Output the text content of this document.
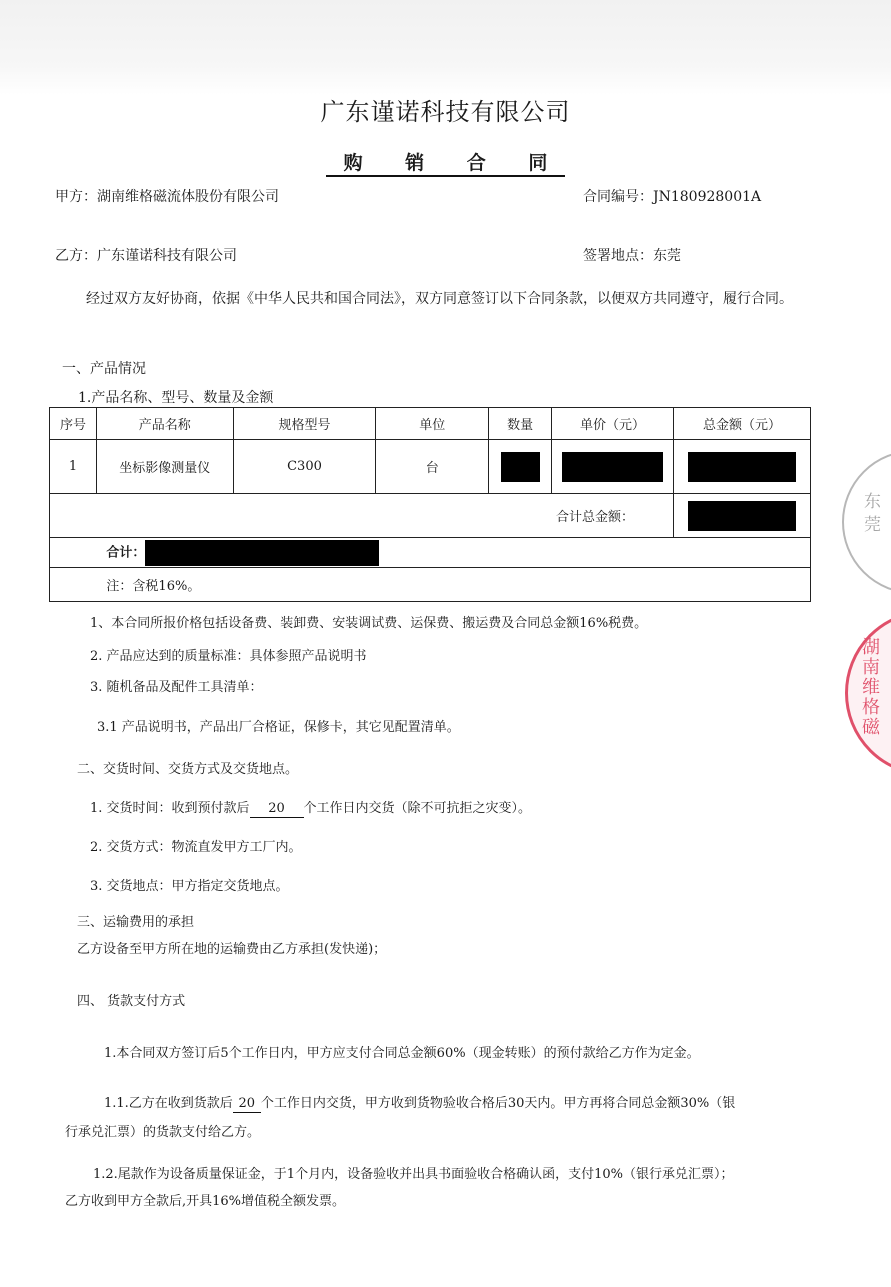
广东谨诺科技有限公司
购 销 合 同
甲方：湖南维格磁流体股份有限公司	合同编号：JN180928001A
乙方：广东谨诺科技有限公司	签署地点：东莞
经过双方友好协商，依据《中华人民共和国合同法》，双方同意签订以下合同条款，以便双方共同遵守，履行合同。
一、产品情况
1.产品名称、型号、数量及金额
序号	产品名称	规格型号	单位	数量	单价（元）	总金额（元）
1	坐标影像测量仪	C300	台			
合计总金额：						
	合计：					
	注：含税16%。					
1、本合同所报价格包括设备费、装卸费、安装调试费、运保费、搬运费及合同总金额16%税费。
2. 产品应达到的质量标准：具体参照产品说明书
3. 随机备品及配件工具清单：
3.1 产品说明书，产品出厂合格证，保修卡，其它见配置清单。
二、交货时间、交货方式及交货地点。
1. 交货时间：收到预付款后 20 个工作日内交货（除不可抗拒之灾变）。
2. 交货方式：物流直发甲方工厂内。
3. 交货地点：甲方指定交货地点。
三、运输费用的承担
乙方设备至甲方所在地的运输费由乙方承担(发快递)；
四、 货款支付方式
1.本合同双方签订后5个工作日内，甲方应支付合同总金额60%（现金转账）的预付款给乙方作为定金。
1.1.乙方在收到货款后 20 个工作日内交货，甲方收到货物验收合格后30天内。甲方再将合同总金额30%（银
行承兑汇票）的货款支付给乙方。
1.2.尾款作为设备质量保证金，于1个月内，设备验收并出具书面验收合格确认函，支付10%（银行承兑汇票）；
乙方收到甲方全款后,开具16%增值税全额发票。
东莞
湖南维格磁
